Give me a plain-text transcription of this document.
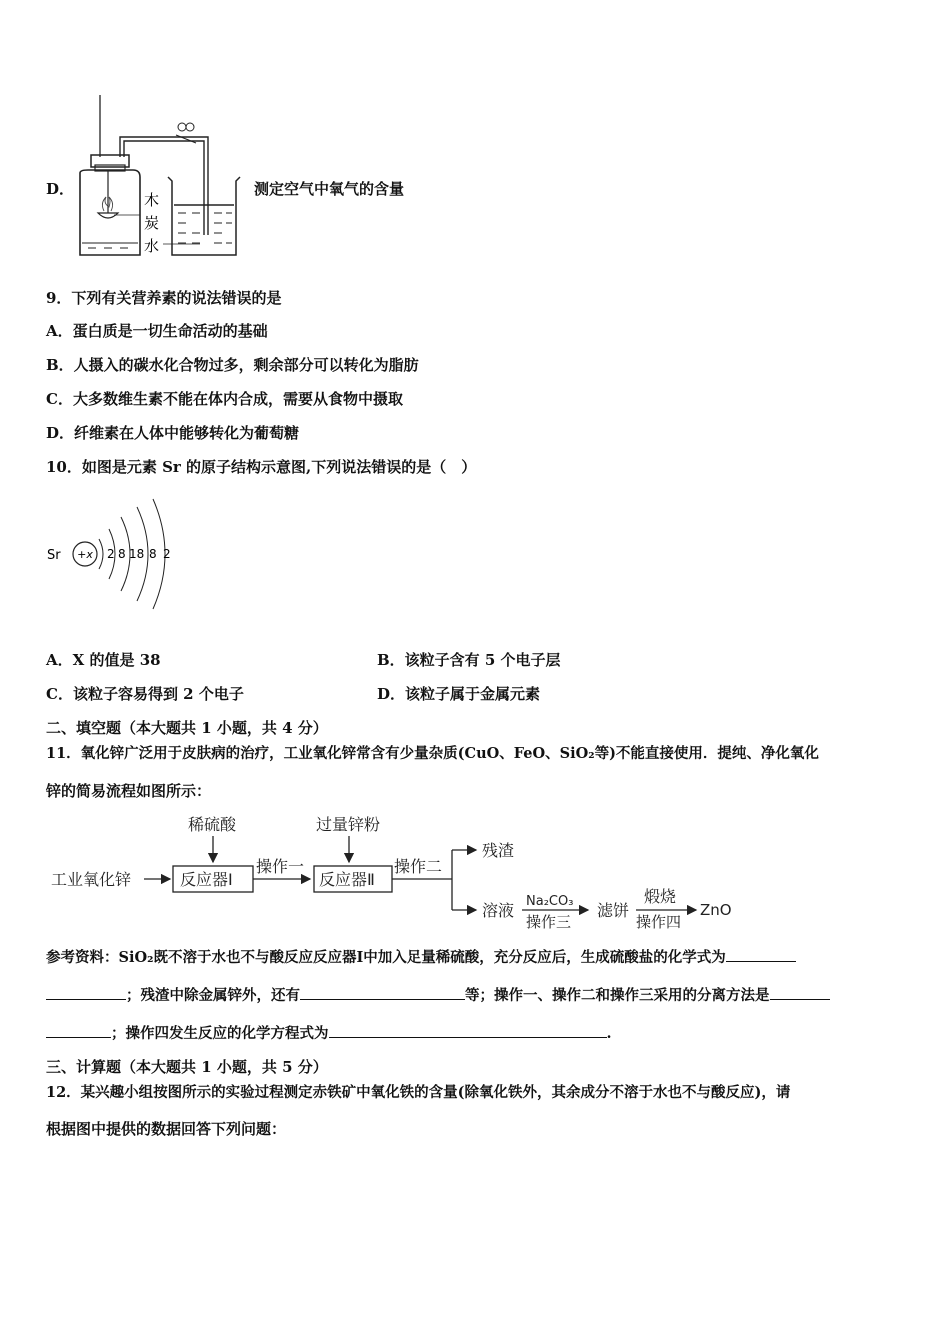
D．
木
炭
水
测定空气中氧气的含量
9．下列有关营养素的说法错误的是
A．蛋白质是一切生命活动的基础
B．人摄入的碳水化合物过多，剩余部分可以转化为脂肪
C．大多数维生素不能在体内合成，需要从食物中摄取
D．纤维素在人体中能够转化为葡萄糖
10．如图是元素 Sr 的原子结构示意图,下列说法错误的是（　）
Sr +x 2 8 18 8 2
A．X 的值是 38	B．该粒子含有 5 个电子层
C．该粒子容易得到 2 个电子	D．该粒子属于金属元素
二、填空题（本大题共 1 小题，共 4 分）
11．氧化锌广泛用于皮肤病的治疗，工业氧化锌常含有少量杂质(CuO、FeO、SiO₂等)不能直接使用．提纯、净化氧化
锌的简易流程如图所示：
工业氧化锌
稀硫酸
反应器Ⅰ
操作一
过量锌粉
反应器Ⅱ
操作二
残渣
溶液 Na₂CO₃
操作三
滤饼
煅烧
操作四
ZnO
参考资料：SiO₂既不溶于水也不与酸反应反应器Ⅰ中加入足量稀硫酸，充分反应后，生成硫酸盐的化学式为
；残渣中除金属锌外，还有	等；操作一、操作二和操作三采用的分离方法是
；操作四发生反应的化学方程式为	.
三、计算题（本大题共 1 小题，共 5 分）
12．某兴趣小组按图所示的实验过程测定赤铁矿中氧化铁的含量(除氧化铁外，其余成分不溶于水也不与酸反应)，请
根据图中提供的数据回答下列问题：
